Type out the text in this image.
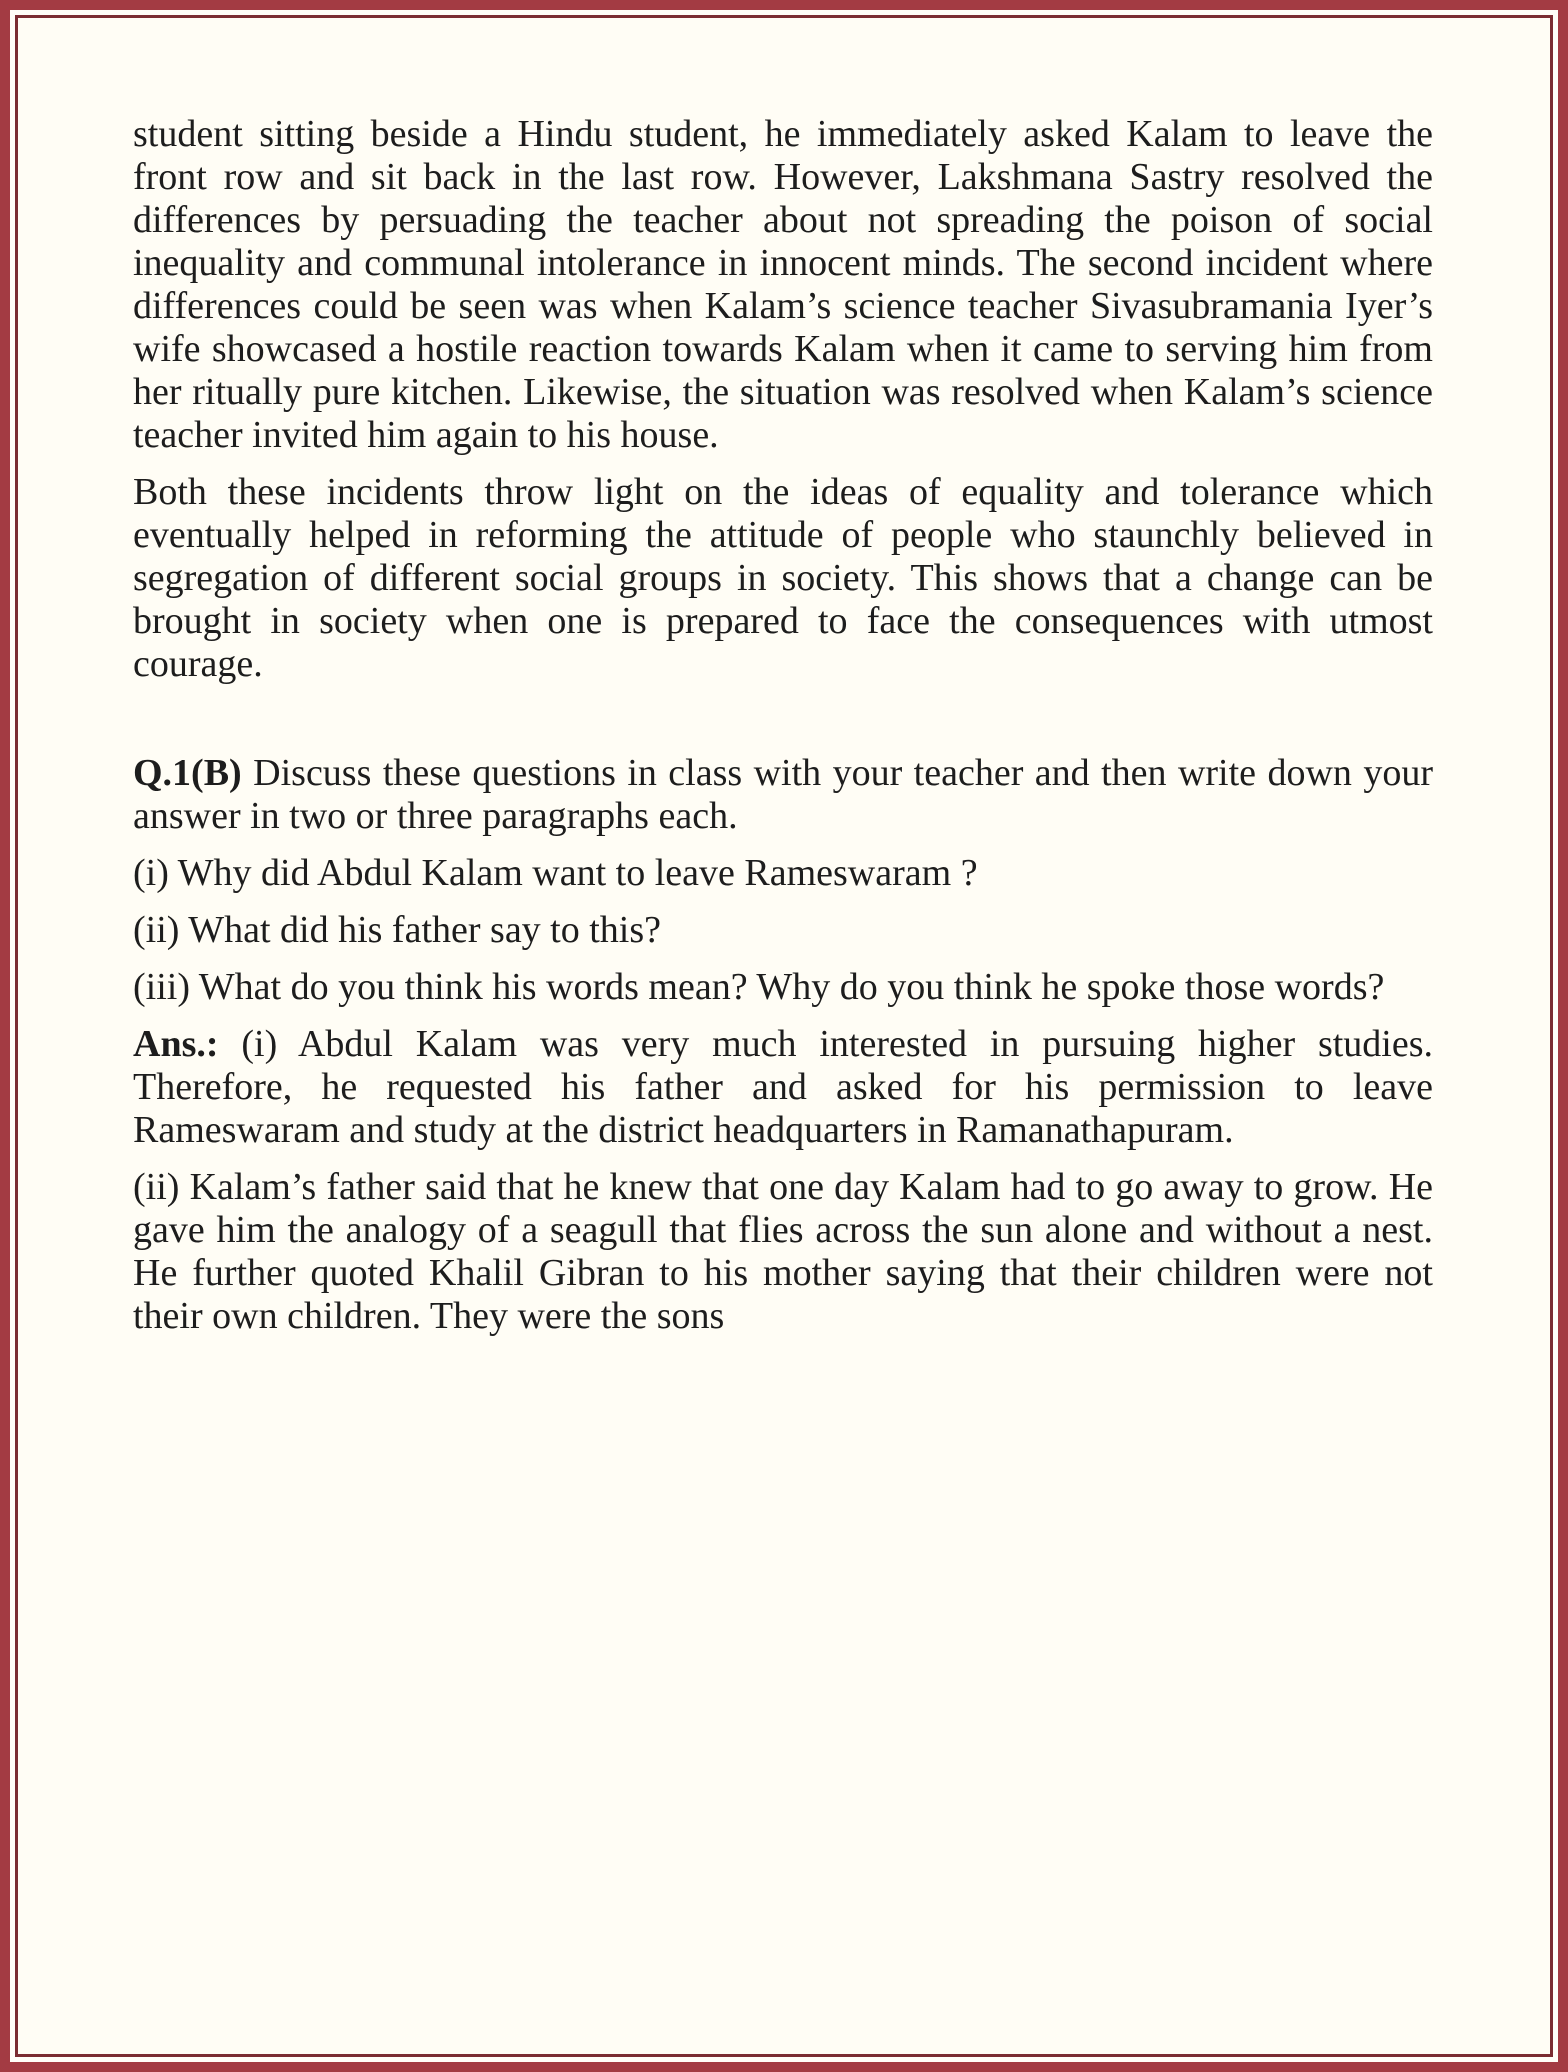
student sitting beside a Hindu student, he immediately asked Kalam to leave the front row and sit back in the last row. However, Lakshmana Sastry resolved the differences by persuading the teacher about not spreading the poison of social inequality and communal intolerance in innocent minds. The second incident where differences could be seen was when Kalam’s science teacher Sivasubramania Iyer’s wife showcased a hostile reaction towards Kalam when it came to serving him from her ritually pure kitchen. Likewise, the situation was resolved when Kalam’s science teacher invited him again to his house.

Both these incidents throw light on the ideas of equality and tolerance which eventually helped in reforming the attitude of people who staunchly believed in segregation of different social groups in society. This shows that a change can be brought in society when one is prepared to face the consequences with utmost courage.

Q.1(B) Discuss these questions in class with your teacher and then write down your answer in two or three paragraphs each.

(i) Why did Abdul Kalam want to leave Rameswaram ?

(ii) What did his father say to this?

(iii) What do you think his words mean? Why do you think he spoke those words?

Ans.: (i) Abdul Kalam was very much interested in pursuing higher studies. Therefore, he requested his father and asked for his permission to leave Rameswaram and study at the district headquarters in Ramanathapuram.

(ii) Kalam’s father said that he knew that one day Kalam had to go away to grow. He gave him the analogy of a seagull that flies across the sun alone and without a nest. He further quoted Khalil Gibran to his mother saying that their children were not their own children. They were the sons
